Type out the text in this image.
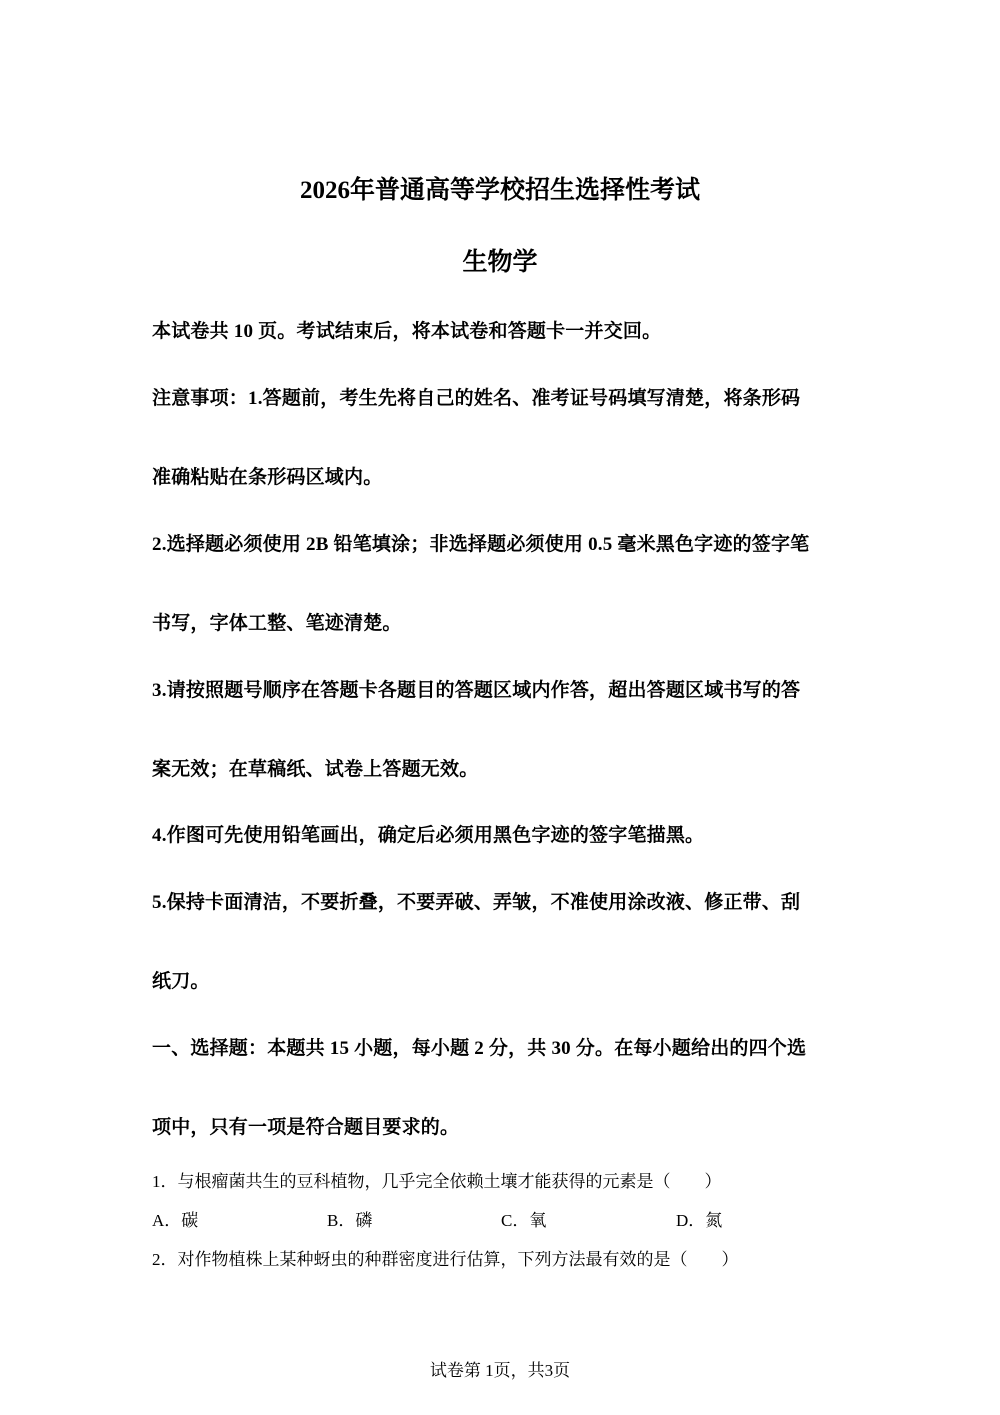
2026年普通高等学校招生选择性考试
生物学
本试卷共 10 页。考试结束后，将本试卷和答题卡一并交回。
注意事项：1.答题前，考生先将自己的姓名、准考证号码填写清楚，将条形码
准确粘贴在条形码区域内。
2.选择题必须使用 2B 铅笔填涂；非选择题必须使用 0.5 毫米黑色字迹的签字笔
书写，字体工整、笔迹清楚。
3.请按照题号顺序在答题卡各题目的答题区域内作答，超出答题区域书写的答
案无效；在草稿纸、试卷上答题无效。
4.作图可先使用铅笔画出，确定后必须用黑色字迹的签字笔描黑。
5.保持卡面清洁，不要折叠，不要弄破、弄皱，不准使用涂改液、修正带、刮
纸刀。
一、选择题：本题共 15 小题，每小题 2 分，共 30 分。在每小题给出的四个选
项中，只有一项是符合题目要求的。
1．与根瘤菌共生的豆科植物，几乎完全依赖土壤才能获得的元素是（　　）
A．碳	B．磷	C．氧	D．氮
2．对作物植株上某种蚜虫的种群密度进行估算，下列方法最有效的是（　　）
试卷第 1页，共3页
